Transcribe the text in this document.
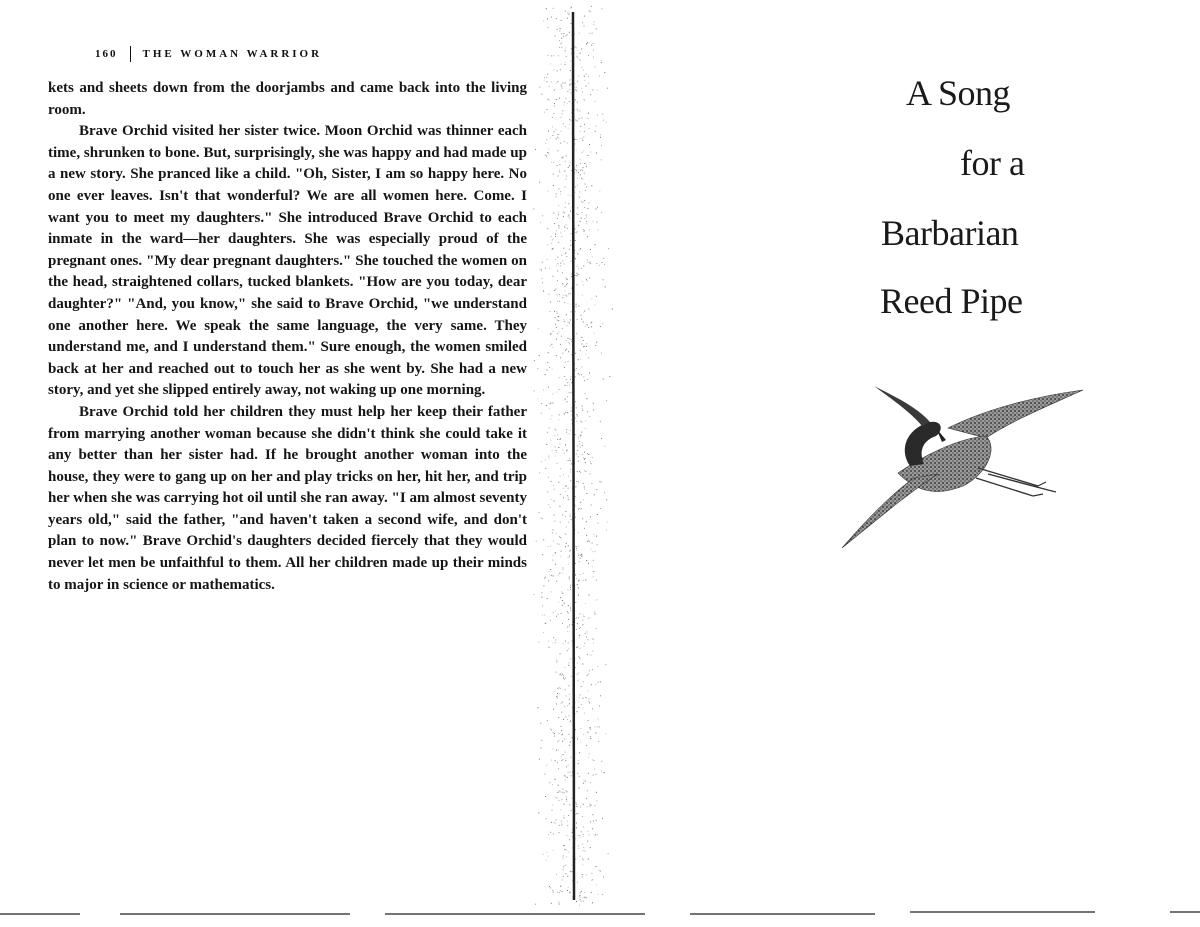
160 THE WOMAN WARRIOR

kets and sheets down from the doorjambs and came back into the living room.

Brave Orchid visited her sister twice. Moon Orchid was thinner each time, shrunken to bone. But, surprisingly, she was happy and had made up a new story. She pranced like a child. "Oh, Sister, I am so happy here. No one ever leaves. Isn't that wonderful? We are all women here. Come. I want you to meet my daughters." She introduced Brave Orchid to each inmate in the ward—her daughters. She was especially proud of the pregnant ones. "My dear pregnant daughters." She touched the women on the head, straightened collars, tucked blankets. "How are you today, dear daughter?" "And, you know," she said to Brave Orchid, "we understand one another here. We speak the same language, the very same. They understand me, and I understand them." Sure enough, the women smiled back at her and reached out to touch her as she went by. She had a new story, and yet she slipped entirely away, not waking up one morning.

Brave Orchid told her children they must help her keep their father from marrying another woman because she didn't think she could take it any better than her sister had. If he brought another woman into the house, they were to gang up on her and play tricks on her, hit her, and trip her when she was carrying hot oil until she ran away. "I am almost seventy years old," said the father, "and haven't taken a second wife, and don't plan to now." Brave Orchid's daughters decided fiercely that they would never let men be unfaithful to them. All her children made up their minds to major in science or mathematics.

A Song
for a
Barbarian
Reed Pipe
